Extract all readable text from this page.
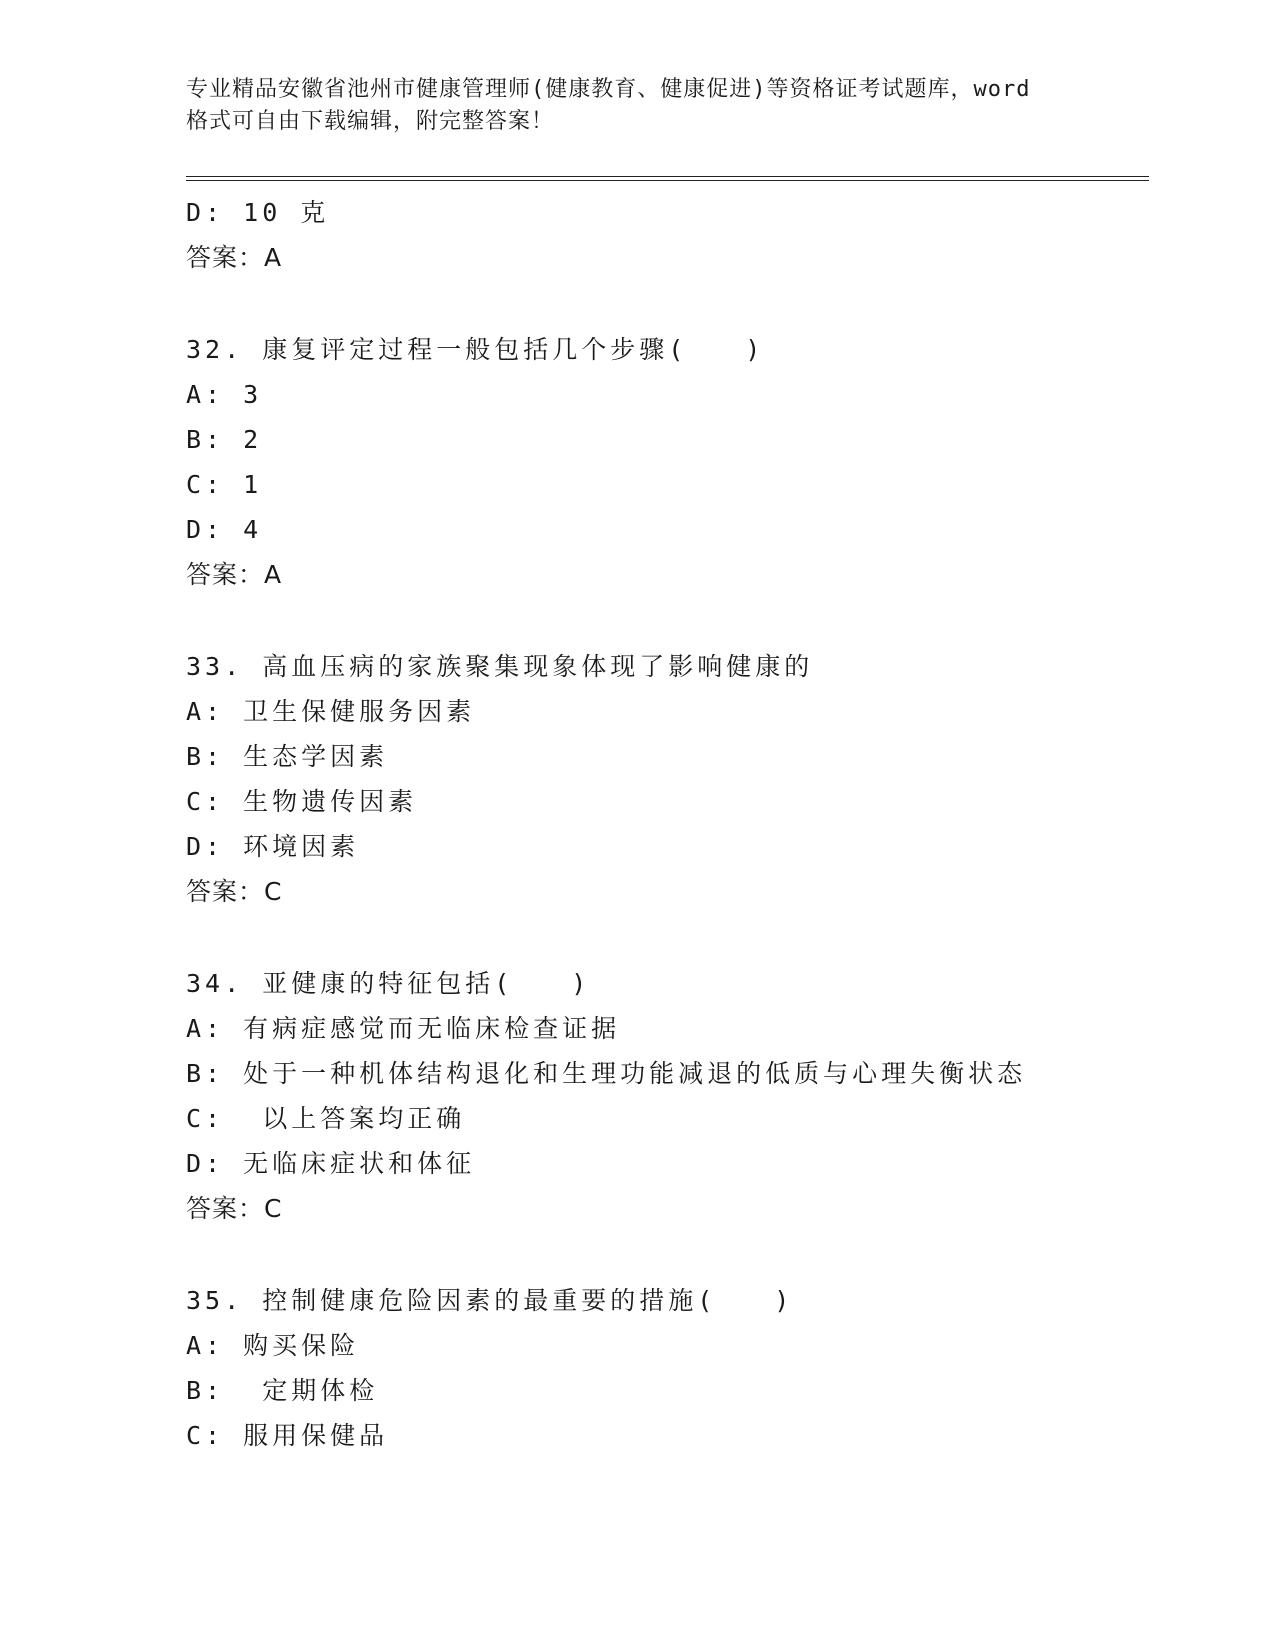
专业精品安徽省池州市健康管理师(健康教育、健康促进)等资格证考试题库，word
格式可自由下载编辑，附完整答案！
D: 10 克
答案：A
32. 康复评定过程一般包括几个步骤(　　)
A: 3
B: 2
C: 1
D: 4
答案：A
33. 高血压病的家族聚集现象体现了影响健康的
A: 卫生保健服务因素
B: 生态学因素
C: 生物遗传因素
D: 环境因素
答案：C
34. 亚健康的特征包括(　　)
A: 有病症感觉而无临床检查证据
B: 处于一种机体结构退化和生理功能减退的低质与心理失衡状态
C:  以上答案均正确
D: 无临床症状和体征
答案：C
35. 控制健康危险因素的最重要的措施(　　)
A: 购买保险
B:  定期体检
C: 服用保健品
